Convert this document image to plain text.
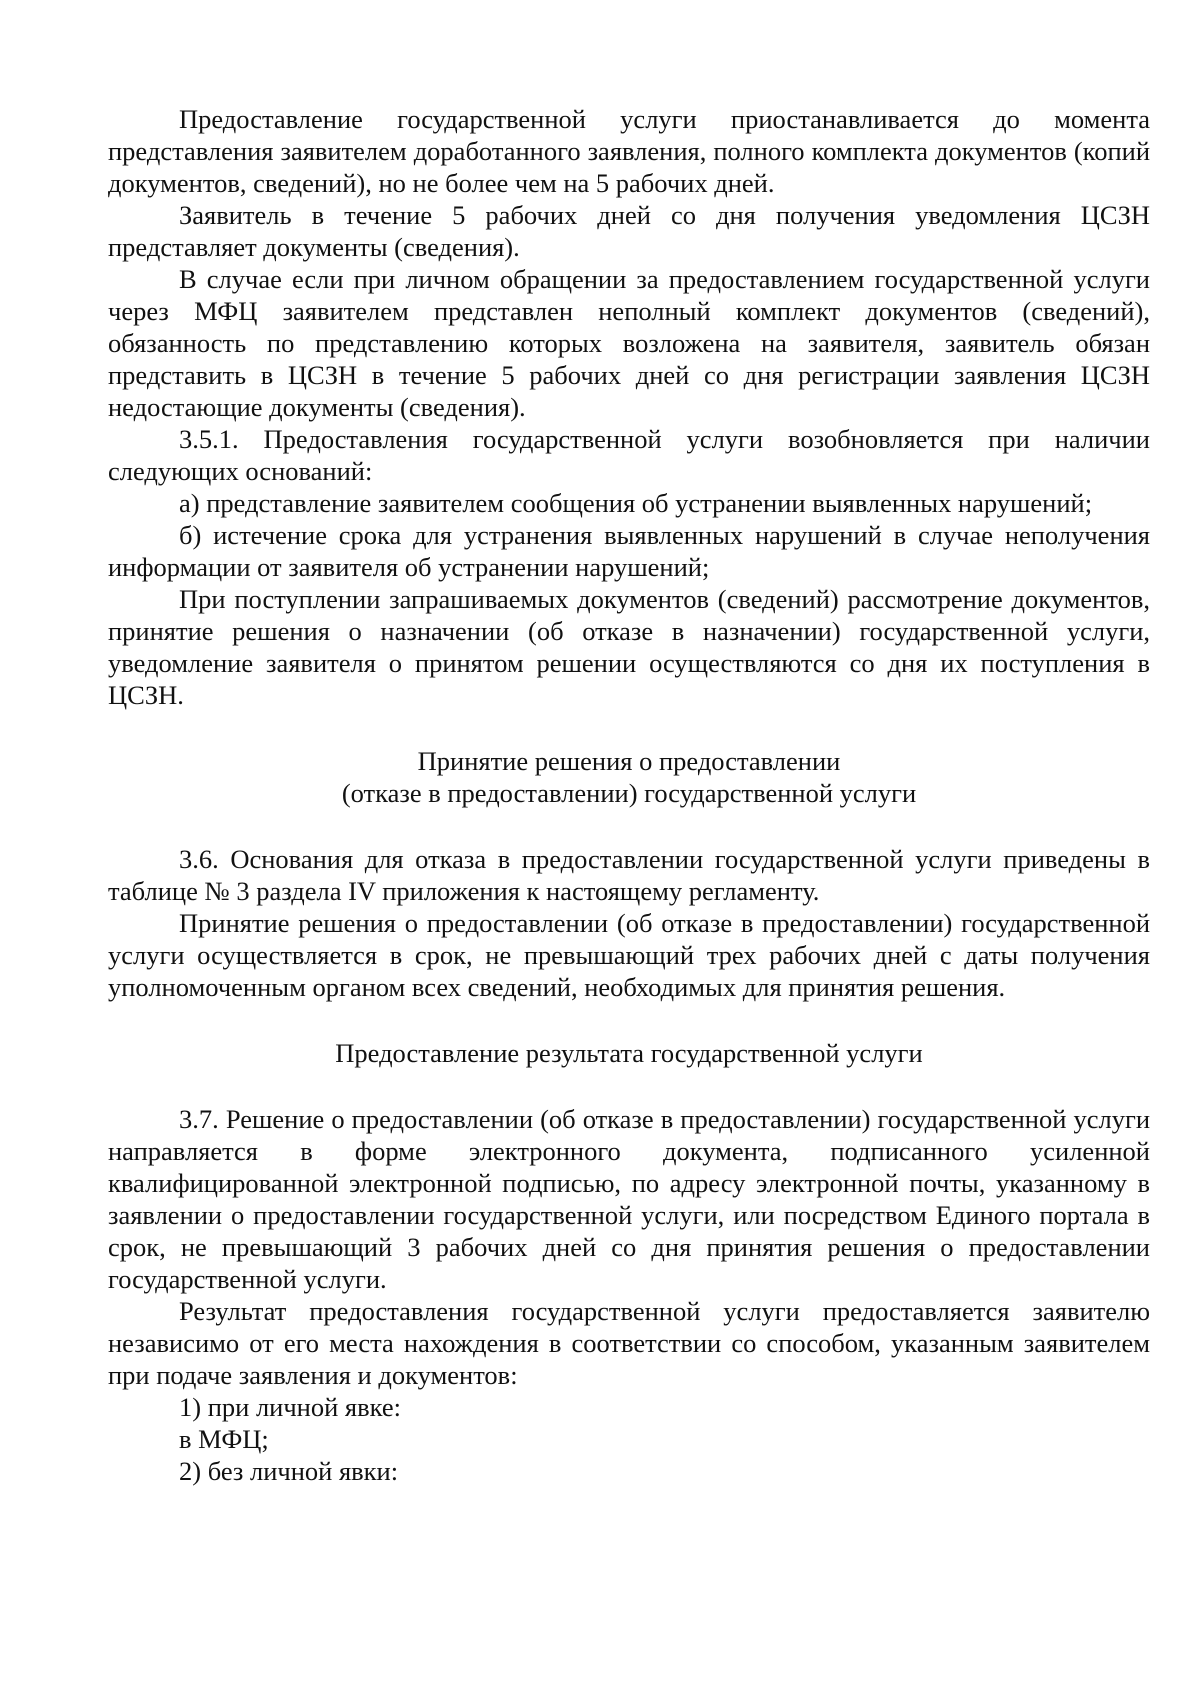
Предоставление государственной услуги приостанавливается до момента представления заявителем доработанного заявления, полного комплекта документов (копий документов, сведений), но не более чем на 5 рабочих дней.

Заявитель в течение 5 рабочих дней со дня получения уведомления ЦСЗН представляет документы (сведения).

В случае если при личном обращении за предоставлением государственной услуги через МФЦ заявителем представлен неполный комплект документов (сведений), обязанность по представлению которых возложена на заявителя, заявитель обязан представить в ЦСЗН в течение 5 рабочих дней со дня регистрации заявления ЦСЗН недостающие документы (сведения).

3.5.1. Предоставления государственной услуги возобновляется при наличии следующих оснований:

а) представление заявителем сообщения об устранении выявленных нарушений;

б) истечение срока для устранения выявленных нарушений в случае неполучения информации от заявителя об устранении нарушений;

При поступлении запрашиваемых документов (сведений) рассмотрение документов, принятие решения о назначении (об отказе в назначении) государственной услуги, уведомление заявителя о принятом решении осуществляются со дня их поступления в ЦСЗН.

Принятие решения о предоставлении
(отказе в предоставлении) государственной услуги

3.6. Основания для отказа в предоставлении государственной услуги приведены в таблице № 3 раздела IV приложения к настоящему регламенту.

Принятие решения о предоставлении (об отказе в предоставлении) государственной услуги осуществляется в срок, не превышающий трех рабочих дней с даты получения уполномоченным органом всех сведений, необходимых для принятия решения.

Предоставление результата государственной услуги

3.7. Решение о предоставлении (об отказе в предоставлении) государственной услуги направляется в форме электронного документа, подписанного усиленной квалифицированной электронной подписью, по адресу электронной почты, указанному в заявлении о предоставлении государственной услуги, или посредством Единого портала в срок, не превышающий 3 рабочих дней со дня принятия решения о предоставлении государственной услуги.

Результат предоставления государственной услуги предоставляется заявителю независимо от его места нахождения в соответствии со способом, указанным заявителем при подаче заявления и документов:

1) при личной явке:

в МФЦ;

2) без личной явки:
